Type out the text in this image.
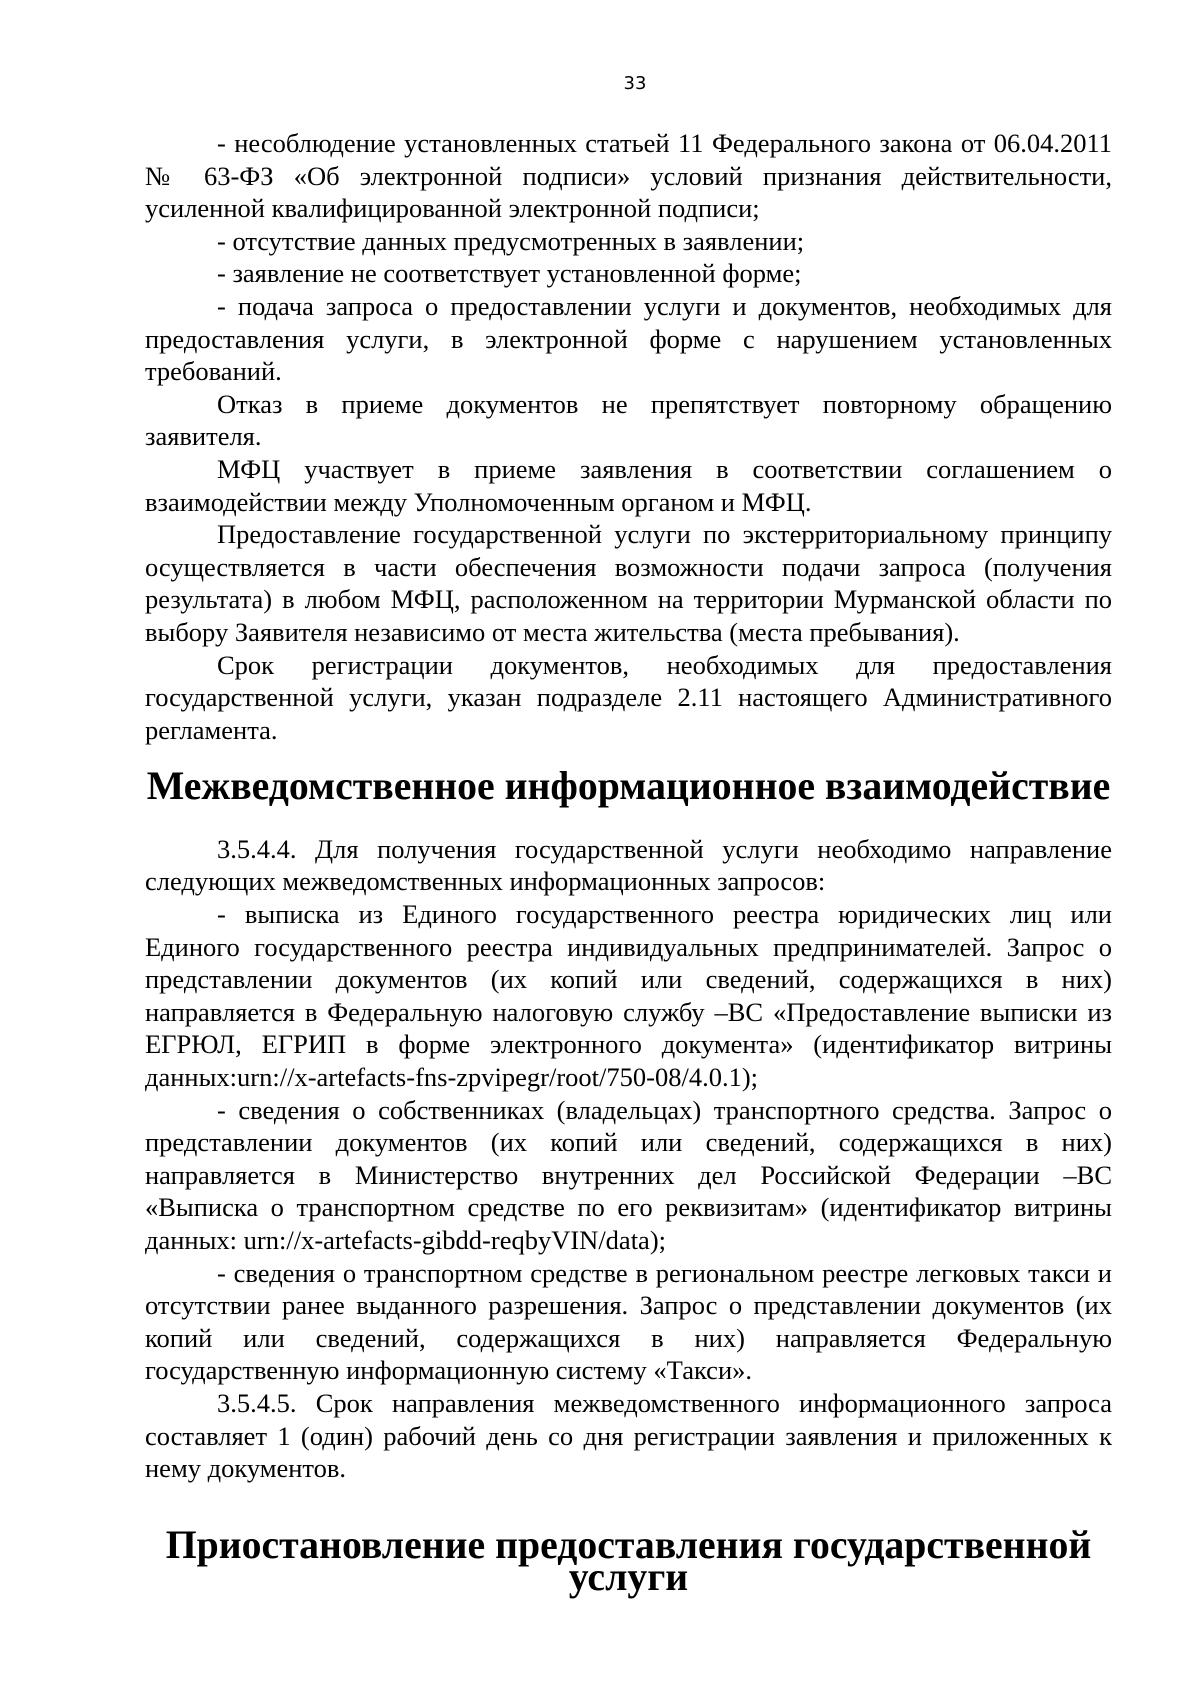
33

- несоблюдение установленных статьей 11 Федерального закона от 06.04.2011 № 63-ФЗ «Об электронной подписи» условий признания действительности, усиленной квалифицированной электронной подписи;

- отсутствие данных предусмотренных в заявлении;

- заявление не соответствует установленной форме;

- подача запроса о предоставлении услуги и документов, необходимых для предоставления услуги, в электронной форме с нарушением установленных требований.

Отказ в приеме документов не препятствует повторному обращению заявителя.

МФЦ участвует в приеме заявления в соответствии соглашением о взаимодействии между Уполномоченным органом и МФЦ.

Предоставление государственной услуги по экстерриториальному принципу осуществляется в части обеспечения возможности подачи запроса (получения результата) в любом МФЦ, расположенном на территории Мурманской области по выбору Заявителя независимо от места жительства (места пребывания).

Срок регистрации документов, необходимых для предоставления государственной услуги, указан подразделе 2.11 настоящего Административного регламента.

Межведомственное информационное взаимодействие

3.5.4.4. Для получения государственной услуги необходимо направление следующих межведомственных информационных запросов:

- выписка из Единого государственного реестра юридических лиц или Единого государственного реестра индивидуальных предпринимателей. Запрос о представлении документов (их копий или сведений, содержащихся в них) направляется в Федеральную налоговую службу –ВС «Предоставление выписки из ЕГРЮЛ, ЕГРИП в форме электронного документа» (идентификатор витрины данных:urn://x-artefacts-fns-zpvipegr/root/750-08/4.0.1);

- сведения о собственниках (владельцах) транспортного средства. Запрос о представлении документов (их копий или сведений, содержащихся в них) направляется в Министерство внутренних дел Российской Федерации –ВС «Выписка о транспортном средстве по его реквизитам» (идентификатор витрины данных: urn://x-artefacts-gibdd-reqbyVIN/data);

- сведения о транспортном средстве в региональном реестре легковых такси и отсутствии ранее выданного разрешения. Запрос о представлении документов (их копий или сведений, содержащихся в них) направляется Федеральную государственную информационную систему «Такси».

3.5.4.5. Срок направления межведомственного информационного запроса составляет 1 (один) рабочий день со дня регистрации заявления и приложенных к нему документов.

Приостановление предоставления государственной услуги
